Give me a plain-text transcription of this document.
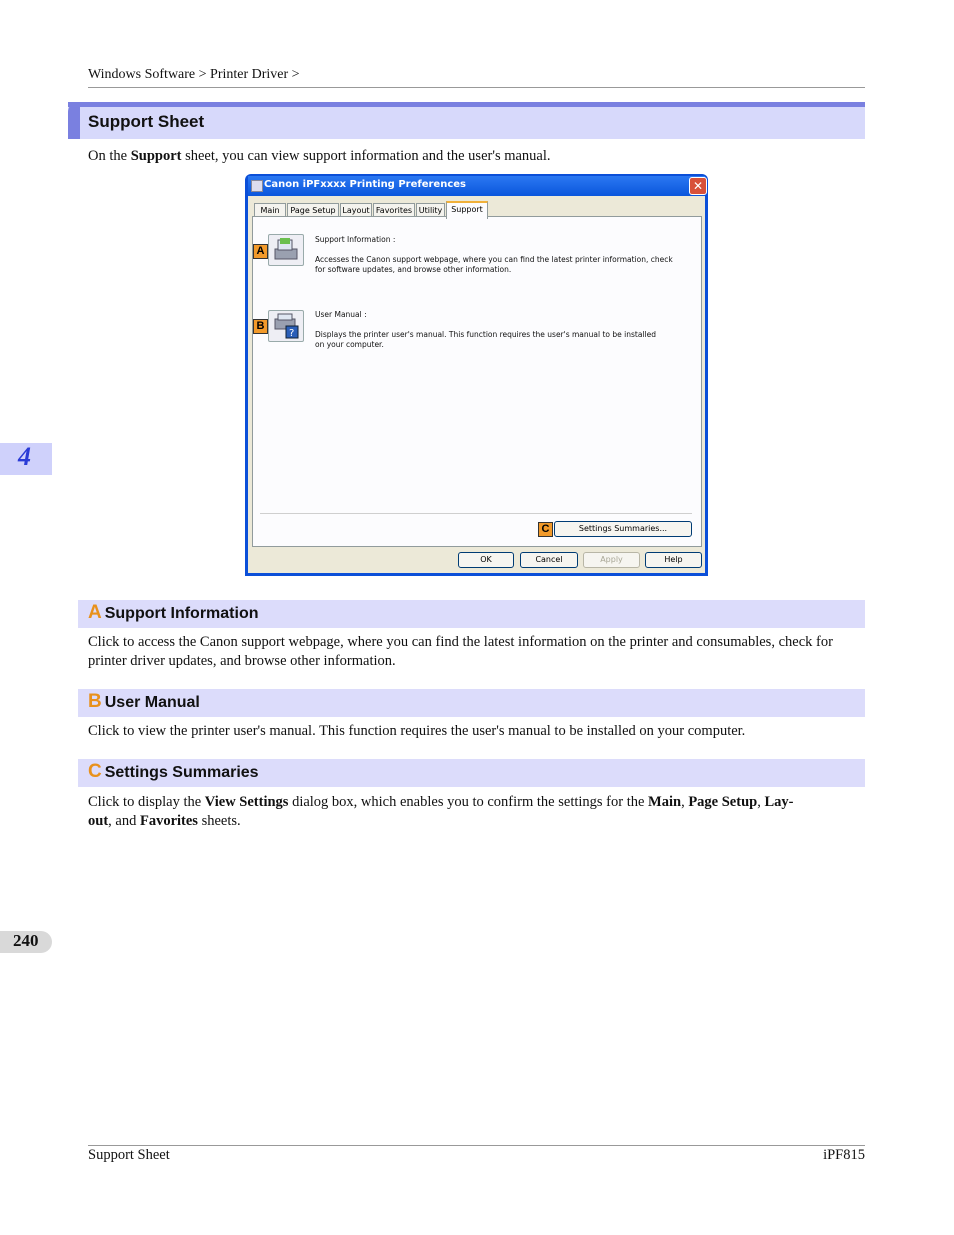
Windows Software > Printer Driver >
Support Sheet
On the Support sheet, you can view support information and the user's manual.
Canon iPFxxxx Printing Preferences	✕
Main	Page Setup Layout Favorites Utility	Support
A
Support Information :
Accesses the Canon support webpage, where you can find the latest printer information, check for software updates, and browse other information.
?
B
User Manual :
Displays the printer user's manual. This function requires the user's manual to be installed on your computer.
C	Settings Summaries...
OK	Cancel	Apply	Help
A Support Information
Click to access the Canon support webpage, where you can find the latest information on the printer and consumables, check for printer driver updates, and browse other information.
B User Manual
Click to view the printer user's manual. This function requires the user's manual to be installed on your computer.
C Settings Summaries
Click to display the View Settings dialog box, which enables you to confirm the settings for the Main, Page Setup, Lay-
out, and Favorites sheets.
4
240
Support Sheet	iPF815
